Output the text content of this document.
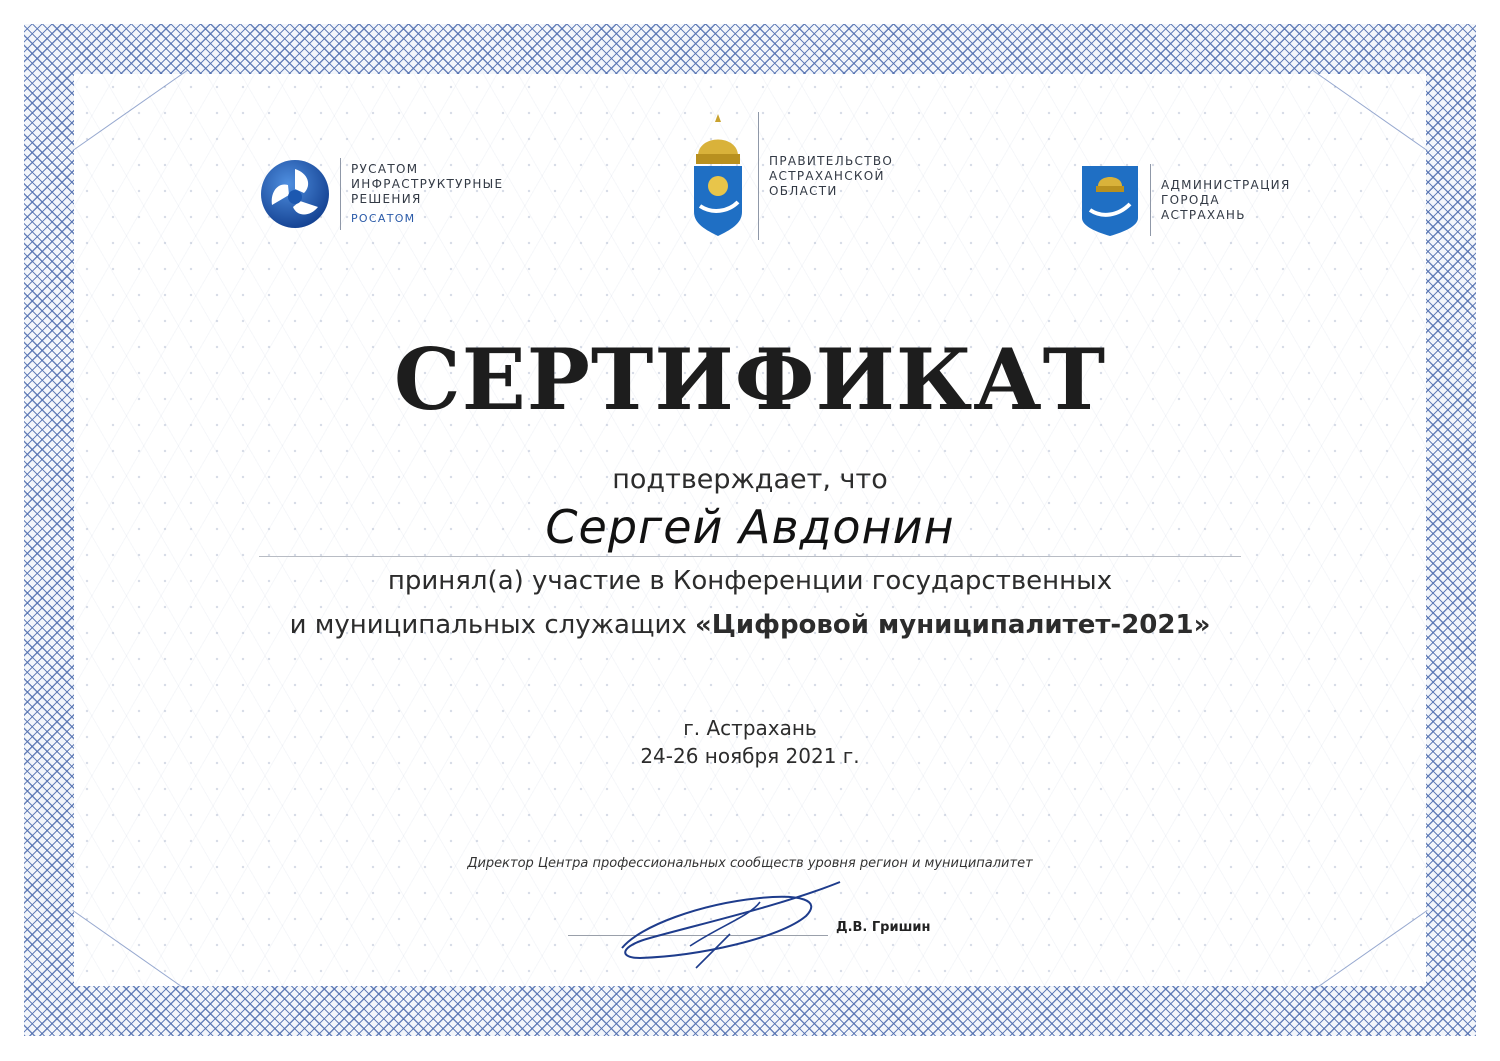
РУСАТОМ
ИНФРАСТРУКТУРНЫЕ
РЕШЕНИЯ
РОСАТОМ
ПРАВИТЕЛЬСТВО
АСТРАХАНСКОЙ
ОБЛАСТИ	АДМИНИСТРАЦИЯ
ГОРОДА
АСТРАХАНЬ
СЕРТИФИКАТ
подтверждает, что
Сергей Авдонин
принял(а) участие в Конференции государственных
и муниципальных служащих «Цифровой муниципалитет-2021»
г. Астрахань
24-26 ноября 2021 г.
Директор Центра профессиональных сообществ уровня регион и муниципалитет
Д.В. Гришин
